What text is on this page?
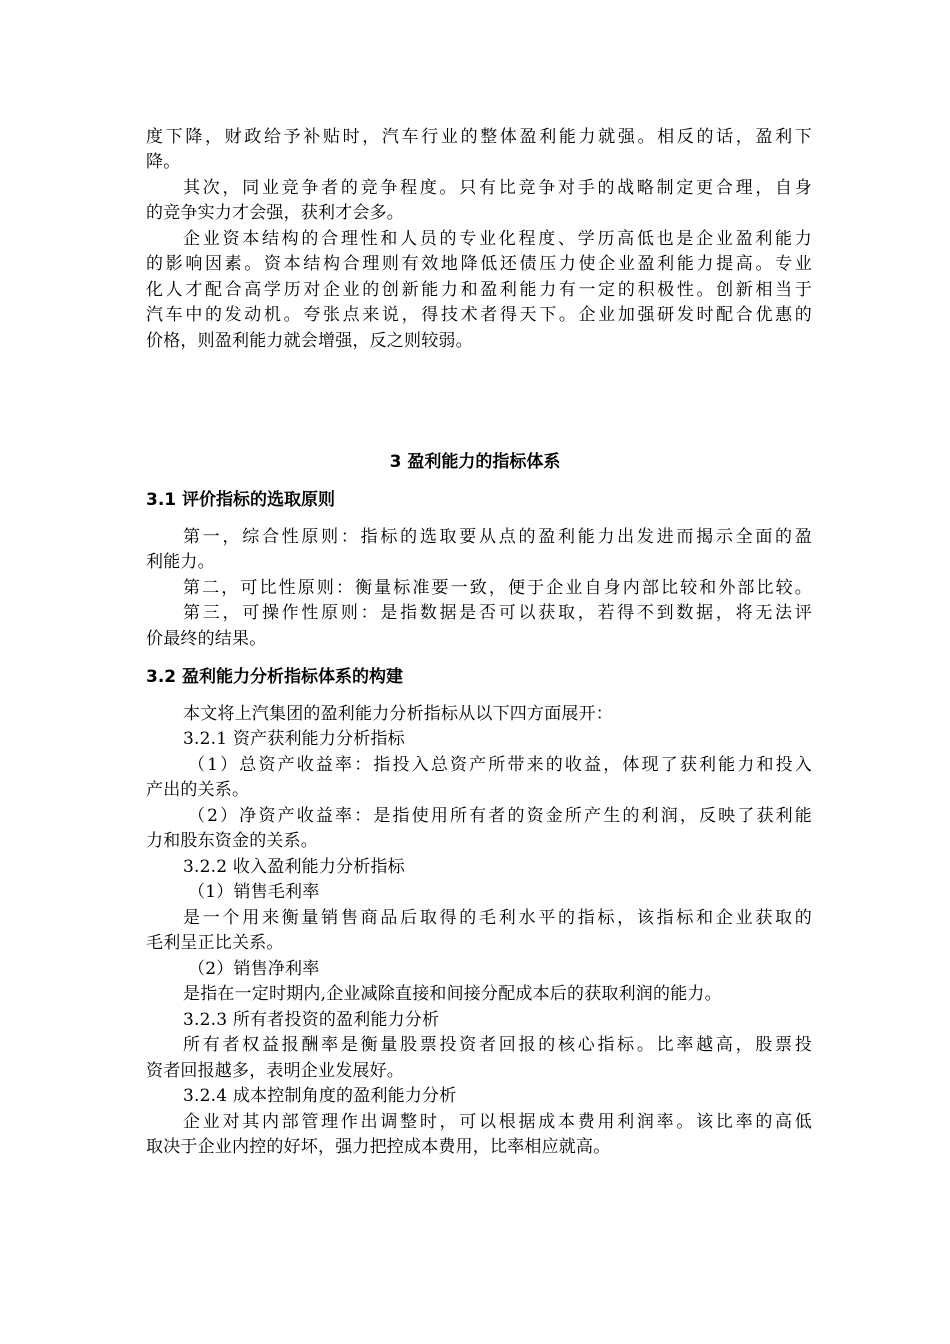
度下降，财政给予补贴时，汽车行业的整体盈利能力就强。相反的话，盈利下
降。
其次，同业竞争者的竞争程度。只有比竞争对手的战略制定更合理，自身
的竞争实力才会强，获利才会多。
企业资本结构的合理性和人员的专业化程度、学历高低也是企业盈利能力
的影响因素。资本结构合理则有效地降低还债压力使企业盈利能力提高。专业
化人才配合高学历对企业的创新能力和盈利能力有一定的积极性。创新相当于
汽车中的发动机。夸张点来说，得技术者得天下。企业加强研发时配合优惠的
价格，则盈利能力就会增强，反之则较弱。
3 盈利能力的指标体系
3.1 评价指标的选取原则
第一，综合性原则：指标的选取要从点的盈利能力出发进而揭示全面的盈
利能力。
第二，可比性原则：衡量标准要一致，便于企业自身内部比较和外部比较。
第三，可操作性原则：是指数据是否可以获取，若得不到数据，将无法评
价最终的结果。
3.2 盈利能力分析指标体系的构建
本文将上汽集团的盈利能力分析指标从以下四方面展开：
3.2.1 资产获利能力分析指标
（1）总资产收益率：指投入总资产所带来的收益，体现了获利能力和投入
产出的关系。
（2）净资产收益率：是指使用所有者的资金所产生的利润，反映了获利能
力和股东资金的关系。
3.2.2 收入盈利能力分析指标
（1）销售毛利率
是一个用来衡量销售商品后取得的毛利水平的指标，该指标和企业获取的
毛利呈正比关系。
（2）销售净利率
是指在一定时期内,企业减除直接和间接分配成本后的获取利润的能力。
3.2.3 所有者投资的盈利能力分析
所有者权益报酬率是衡量股票投资者回报的核心指标。比率越高，股票投
资者回报越多，表明企业发展好。
3.2.4 成本控制角度的盈利能力分析
企业对其内部管理作出调整时，可以根据成本费用利润率。该比率的高低
取决于企业内控的好坏，强力把控成本费用，比率相应就高。
